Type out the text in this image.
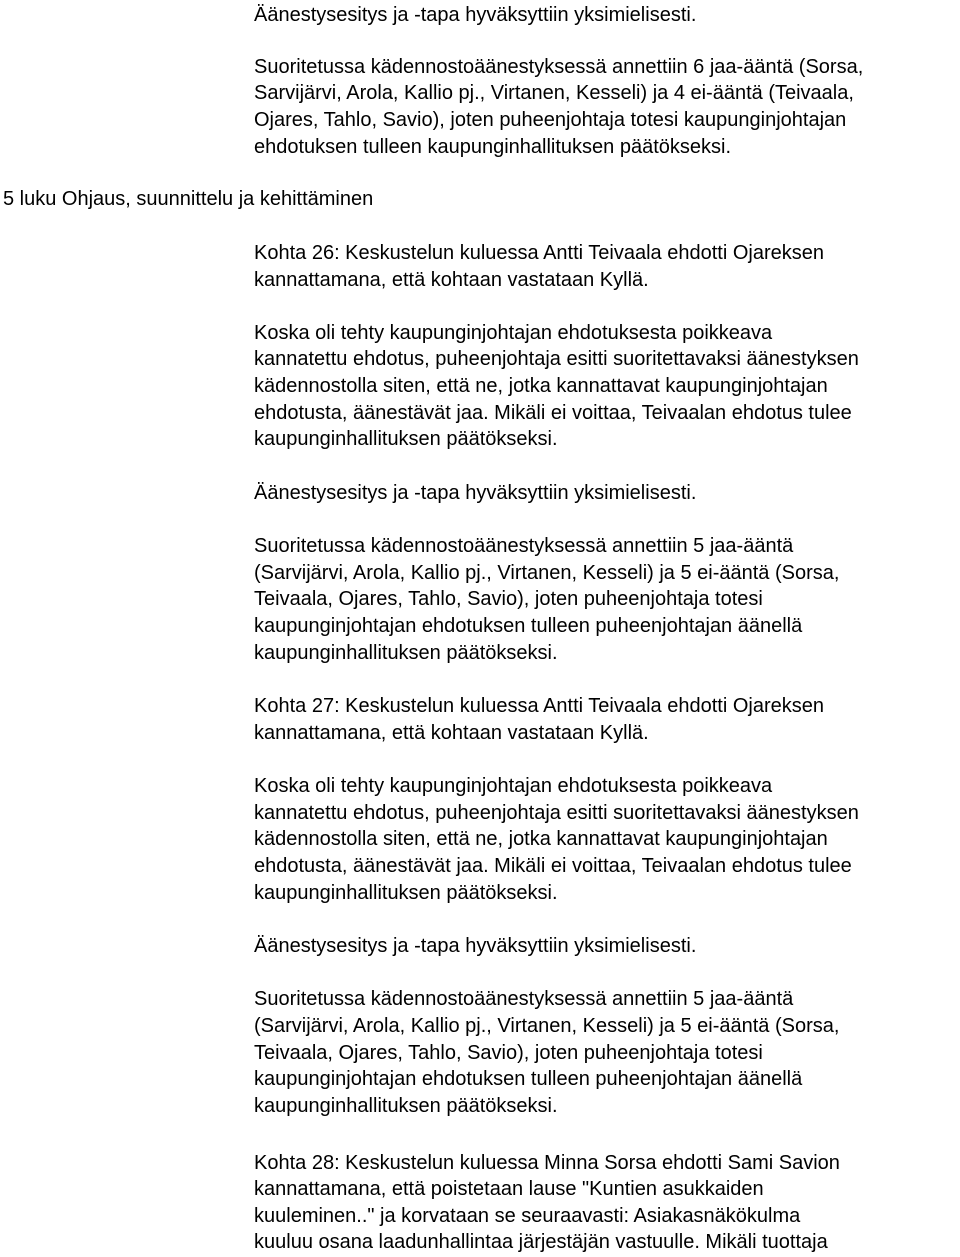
Äänestysesitys ja -tapa hyväksyttiin yksimielisesti.

Suoritetussa kädennostoäänestyksessä annettiin 6 jaa-ääntä (Sorsa,

Sarvijärvi, Arola, Kallio pj., Virtanen, Kesseli) ja 4 ei-ääntä (Teivaala,

Ojares, Tahlo, Savio), joten puheenjohtaja totesi kaupunginjohtajan

ehdotuksen tulleen kaupunginhallituksen päätökseksi.

5 luku Ohjaus, suunnittelu ja kehittäminen

Kohta 26: Keskustelun kuluessa Antti Teivaala ehdotti Ojareksen

kannattamana, että kohtaan vastataan Kyllä.

Koska oli tehty kaupunginjohtajan ehdotuksesta poikkeava

kannatettu ehdotus, puheenjohtaja esitti suoritettavaksi äänestyksen

kädennostolla siten, että ne, jotka kannattavat kaupunginjohtajan

ehdotusta, äänestävät jaa. Mikäli ei voittaa, Teivaalan ehdotus tulee

kaupunginhallituksen päätökseksi.

Äänestysesitys ja -tapa hyväksyttiin yksimielisesti.

Suoritetussa kädennostoäänestyksessä annettiin 5 jaa-ääntä

(Sarvijärvi, Arola, Kallio pj., Virtanen, Kesseli) ja 5 ei-ääntä (Sorsa,

Teivaala, Ojares, Tahlo, Savio), joten puheenjohtaja totesi

kaupunginjohtajan ehdotuksen tulleen puheenjohtajan äänellä

kaupunginhallituksen päätökseksi.

Kohta 27: Keskustelun kuluessa Antti Teivaala ehdotti Ojareksen

kannattamana, että kohtaan vastataan Kyllä.

Koska oli tehty kaupunginjohtajan ehdotuksesta poikkeava

kannatettu ehdotus, puheenjohtaja esitti suoritettavaksi äänestyksen

kädennostolla siten, että ne, jotka kannattavat kaupunginjohtajan

ehdotusta, äänestävät jaa. Mikäli ei voittaa, Teivaalan ehdotus tulee

kaupunginhallituksen päätökseksi.

Äänestysesitys ja -tapa hyväksyttiin yksimielisesti.

Suoritetussa kädennostoäänestyksessä annettiin 5 jaa-ääntä

(Sarvijärvi, Arola, Kallio pj., Virtanen, Kesseli) ja 5 ei-ääntä (Sorsa,

Teivaala, Ojares, Tahlo, Savio), joten puheenjohtaja totesi

kaupunginjohtajan ehdotuksen tulleen puheenjohtajan äänellä

kaupunginhallituksen päätökseksi.

Kohta 28: Keskustelun kuluessa Minna Sorsa ehdotti Sami Savion

kannattamana, että poistetaan lause "Kuntien asukkaiden

kuuleminen.." ja korvataan se seuraavasti: Asiakasnäkökulma

kuuluu osana laadunhallintaa järjestäjän vastuulle. Mikäli tuottaja
